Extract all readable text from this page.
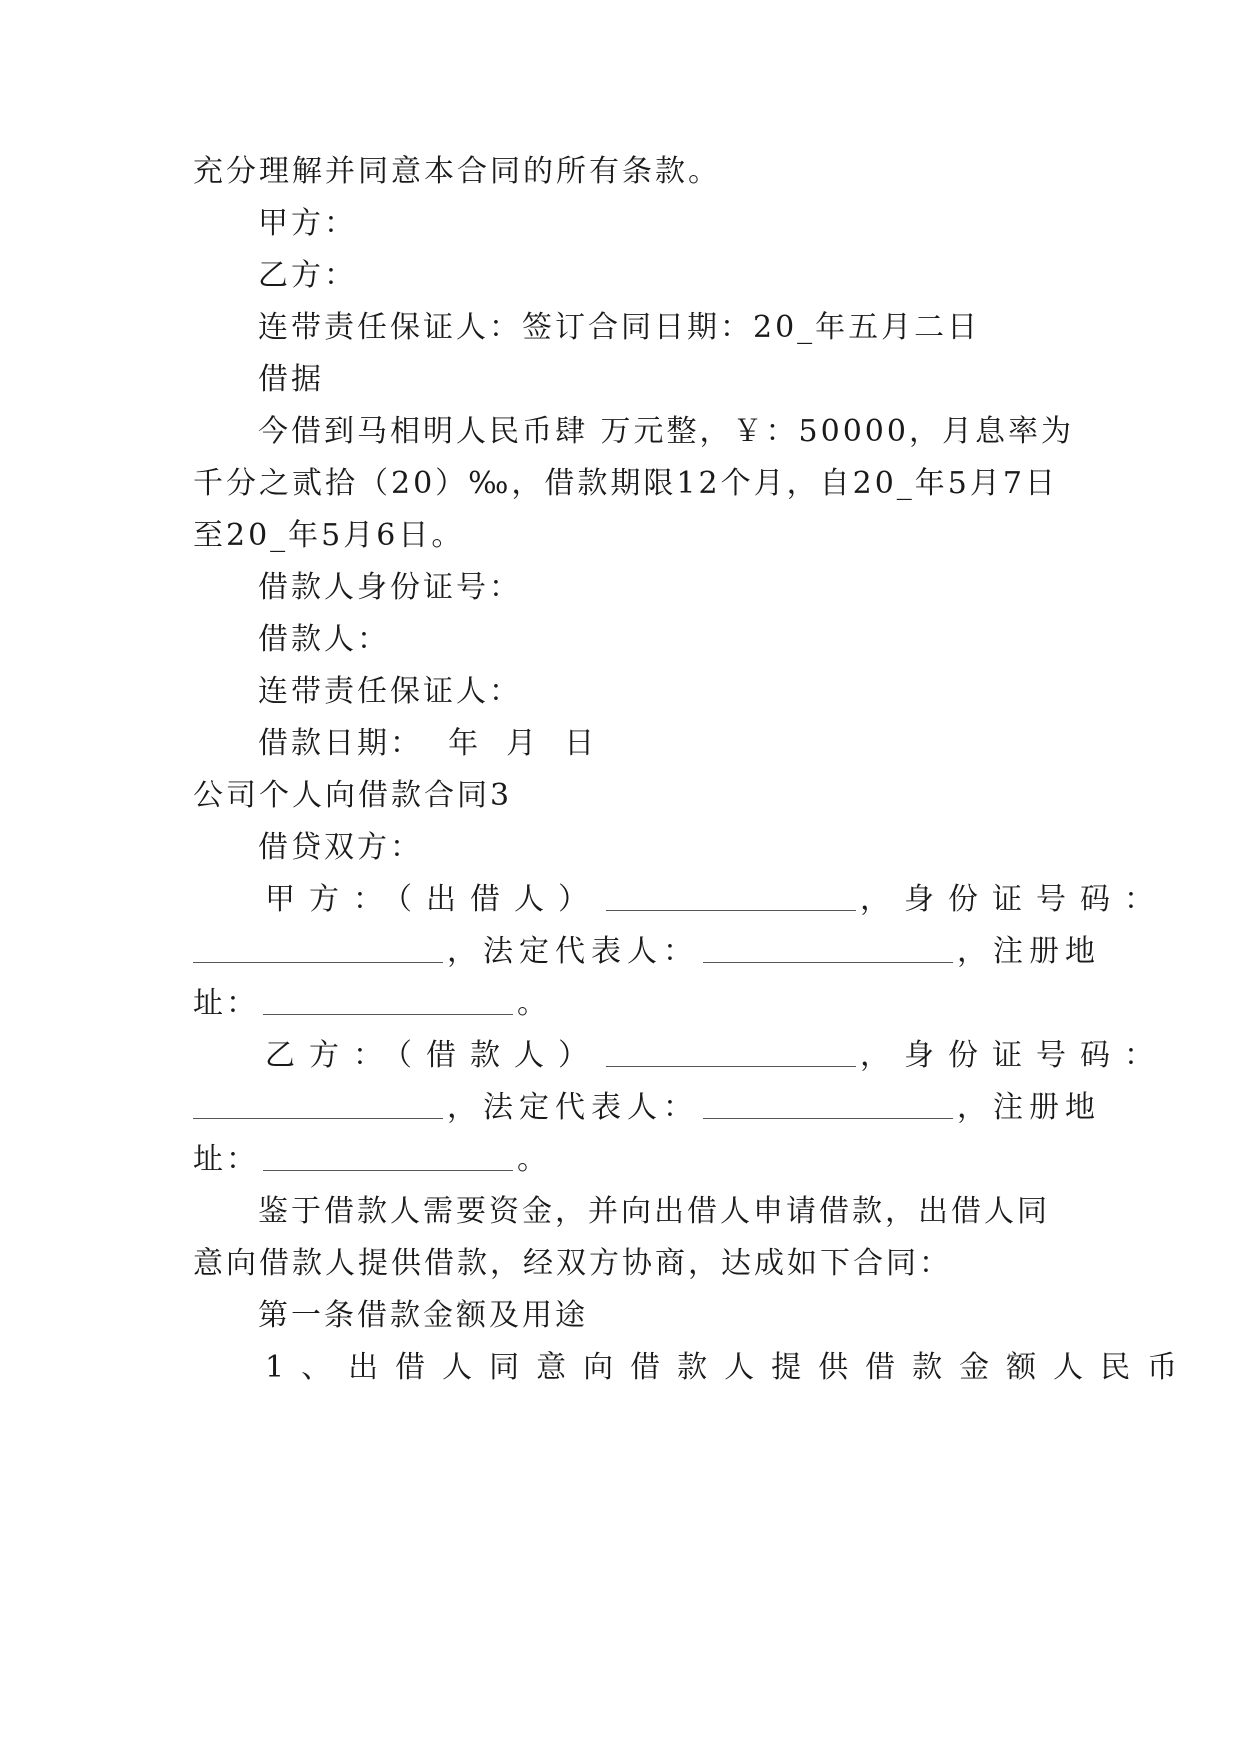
充分理解并同意本合同的所有条款。
甲方：
乙方：
连带责任保证人：签订合同日期：20_年五月二日
借据
今借到马相明人民币肆 万元整，￥：50000，月息率为
千分之贰拾（20）‰，借款期限12个月，自20_年5月7日
至20_年5月6日。
借款人身份证号：
借款人：
连带责任保证人：
借款日期：  年  月  日
公司个人向借款合同3
借贷双方：
甲方：（出借人）	，身份证号码：
，法定代表人：	，注册地
址：	。
乙方：（借款人）	，身份证号码：
，法定代表人：	，注册地
址：	。
鉴于借款人需要资金，并向出借人申请借款，出借人同
意向借款人提供借款，经双方协商，达成如下合同：
第一条借款金额及用途
1、出借人同意向借款人提供借款金额人民币
